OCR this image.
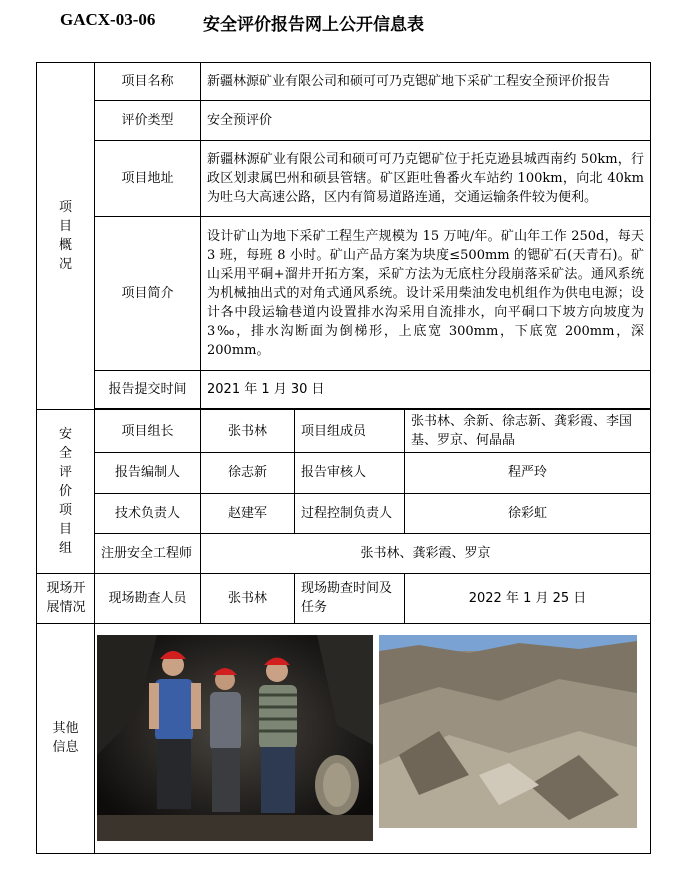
GACX-03-06	安全评价报告网上公开信息表
项目概况	项目名称	新疆林源矿业有限公司和硕可可乃克锶矿地下采矿工程安全预评价报告		
	评价类型	安全预评价		
	项目地址	新疆林源矿业有限公司和硕可可乃克锶矿位于托克逊县城西南约 50km，行政区划隶属巴州和硕县管辖。矿区距吐鲁番火车站约 100km，向北 40km 为吐乌大高速公路，区内有简易道路连通，交通运输条件较为便利。		
	项目简介	设计矿山为地下采矿工程生产规模为 15 万吨/年。矿山年工作 250d，每天 3 班，每班 8 小时。矿山产品方案为块度≤500mm 的锶矿石(天青石)。矿山采用平硐+溜井开拓方案，采矿方法为无底柱分段崩落采矿法。通风系统为机械抽出式的对角式通风系统。设计采用柴油发电机组作为供电电源；设计各中段运输巷道内设置排水沟采用自流排水，向平硐口下坡方向坡度为 3‰，排水沟断面为倒梯形，上底宽 300mm，下底宽 200mm，深 200mm。		
	报告提交时间	2021 年 1 月 30 日		

安全评价项目组	项目组长	张书林	项目组成员	张书林、余新、徐志新、龚彩霞、李国基、罗京、何晶晶
	报告编制人	徐志新	报告审核人	程严玲
	技术负责人	赵建军	过程控制负责人	徐彩虹
	注册安全工程师	张书林、龚彩霞、罗京		
现场开展情况	现场勘查人员	张书林	现场勘查时间及任务	2022 年 1 月 25 日
其他信息	
